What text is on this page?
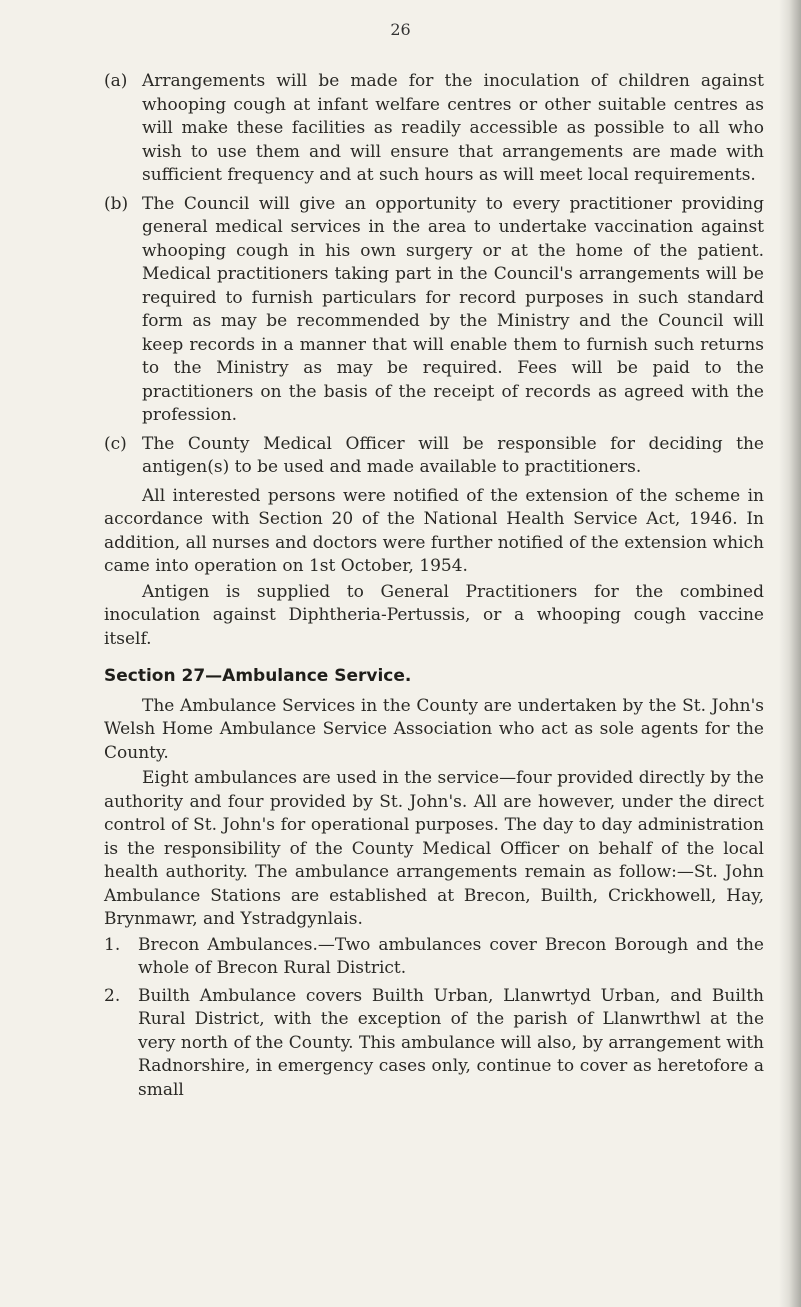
26
(a) Arrangements will be made for the inoculation of children against whooping cough at infant welfare centres or other suitable centres as will make these facilities as readily accessible as possible to all who wish to use them and will ensure that arrangements are made with sufficient frequency and at such hours as will meet local requirements.
(b) The Council will give an opportunity to every practitioner providing general medical services in the area to undertake vaccination against whooping cough in his own surgery or at the home of the patient. Medical practitioners taking part in the Council's arrangements will be required to furnish particulars for record purposes in such standard form as may be recommended by the Ministry and the Council will keep records in a manner that will enable them to furnish such returns to the Ministry as may be required. Fees will be paid to the practitioners on the basis of the receipt of records as agreed with the profession.
(c) The County Medical Officer will be responsible for deciding the antigen(s) to be used and made available to practitioners.

All interested persons were notified of the extension of the scheme in accordance with Section 20 of the National Health Service Act, 1946. In addition, all nurses and doctors were further notified of the extension which came into operation on 1st October, 1954.

Antigen is supplied to General Practitioners for the combined inoculation against Diphtheria-Pertussis, or a whooping cough vaccine itself.

Section 27—Ambulance Service.

The Ambulance Services in the County are undertaken by the St. John's Welsh Home Ambulance Service Association who act as sole agents for the County.

Eight ambulances are used in the service—four provided directly by the authority and four provided by St. John's. All are however, under the direct control of St. John's for operational purposes. The day to day administration is the responsibility of the County Medical Officer on behalf of the local health authority. The ambulance arrangements remain as follow:—St. John Ambulance Stations are established at Brecon, Builth, Crickhowell, Hay, Brynmawr, and Ystradgynlais.

1.	Brecon Ambulances.—Two ambulances cover Brecon Borough and the whole of Brecon Rural District.
2.	Builth Ambulance covers Builth Urban, Llanwrtyd Urban, and Builth Rural District, with the exception of the parish of Llanwrthwl at the very north of the County. This ambulance will also, by arrangement with Radnorshire, in emergency cases only, continue to cover as heretofore a small
